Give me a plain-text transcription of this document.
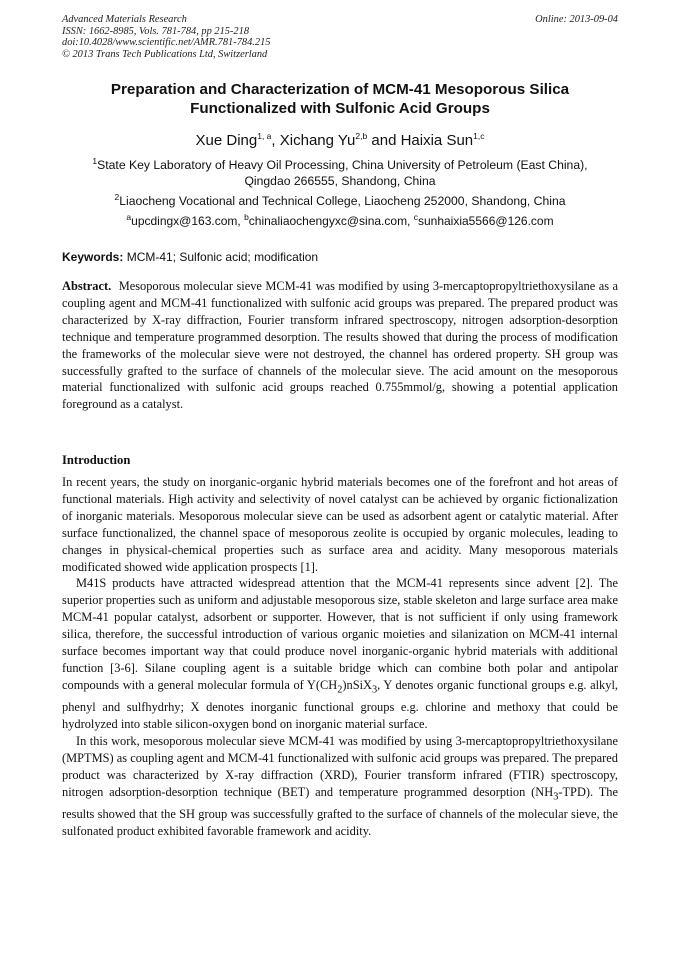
Advanced Materials Research
ISSN: 1662-8985, Vols. 781-784, pp 215-218
doi:10.4028/www.scientific.net/AMR.781-784.215
© 2013 Trans Tech Publications Ltd, Switzerland
Online: 2013-09-04
Preparation and Characterization of MCM-41 Mesoporous Silica
Functionalized with Sulfonic Acid Groups
Xue Ding$^{1, a}$, Xichang Yu$^{2,b}$ and Haixia Sun$^{1,c}$
$^1$State Key Laboratory of Heavy Oil Processing, China University of Petroleum (East China),
Qingdao 266555, Shandong, China
$^2$Liaocheng Vocational and Technical College, Liaocheng 252000, Shandong, China
$^a$upcdingx@163.com, $^b$chinaliaochengyxc@sina.com, $^c$sunhaixia5566@126.com
Keywords: MCM-41; Sulfonic acid; modification
Abstract. Mesoporous molecular sieve MCM-41 was modified by using 3-mercaptopropyltriethoxysilane as a coupling agent and MCM-41 functionalized with sulfonic acid groups was prepared. The prepared product was characterized by X-ray diffraction, Fourier transform infrared spectroscopy, nitrogen adsorption-desorption technique and temperature programmed desorption. The results showed that during the process of modification the frameworks of the molecular sieve were not destroyed, the channel has ordered property. SH group was successfully grafted to the surface of channels of the molecular sieve. The acid amount on the mesoporous material functionalized with sulfonic acid groups reached 0.755mmol/g, showing a potential application foreground as a catalyst.
Introduction

In recent years, the study on inorganic-organic hybrid materials becomes one of the forefront and hot areas of functional materials. High activity and selectivity of novel catalyst can be achieved by organic fictionalization of inorganic materials. Mesoporous molecular sieve can be used as adsorbent agent or catalytic material. After surface functionalized, the channel space of mesoporous zeolite is occupied by organic molecules, leading to changes in physical-chemical properties such as surface area and acidity. Many mesoporous materials modificated showed wide application prospects [1].

M41S products have attracted widespread attention that the MCM-41 represents since advent [2]. The superior properties such as uniform and adjustable mesoporous size, stable skeleton and large surface area make MCM-41 popular catalyst, adsorbent or supporter. However, that is not sufficient if only using framework silica, therefore, the successful introduction of various organic moieties and silanization on MCM-41 internal surface becomes important way that could produce novel inorganic-organic hybrid materials with additional function [3-6]. Silane coupling agent is a suitable bridge which can combine both polar and antipolar compounds with a general molecular formula of $Y(CH_2)nSiX_3$, Y denotes organic functional groups e.g. alkyl, phenyl and sulfhydrhy; X denotes inorganic functional groups e.g. chlorine and methoxy that could be hydrolyzed into stable silicon-oxygen bond on inorganic material surface.

In this work, mesoporous molecular sieve MCM-41 was modified by using 3-mercaptopropyltriethoxysilane (MPTMS) as coupling agent and MCM-41 functionalized with sulfonic acid groups was prepared. The prepared product was characterized by X-ray diffraction (XRD), Fourier transform infrared (FTIR) spectroscopy, nitrogen adsorption-desorption technique (BET) and temperature programmed desorption $(NH_3-TPD)$. The results showed that the SH group was successfully grafted to the surface of channels of the molecular sieve, the sulfonated product exhibited favorable framework and acidity.
